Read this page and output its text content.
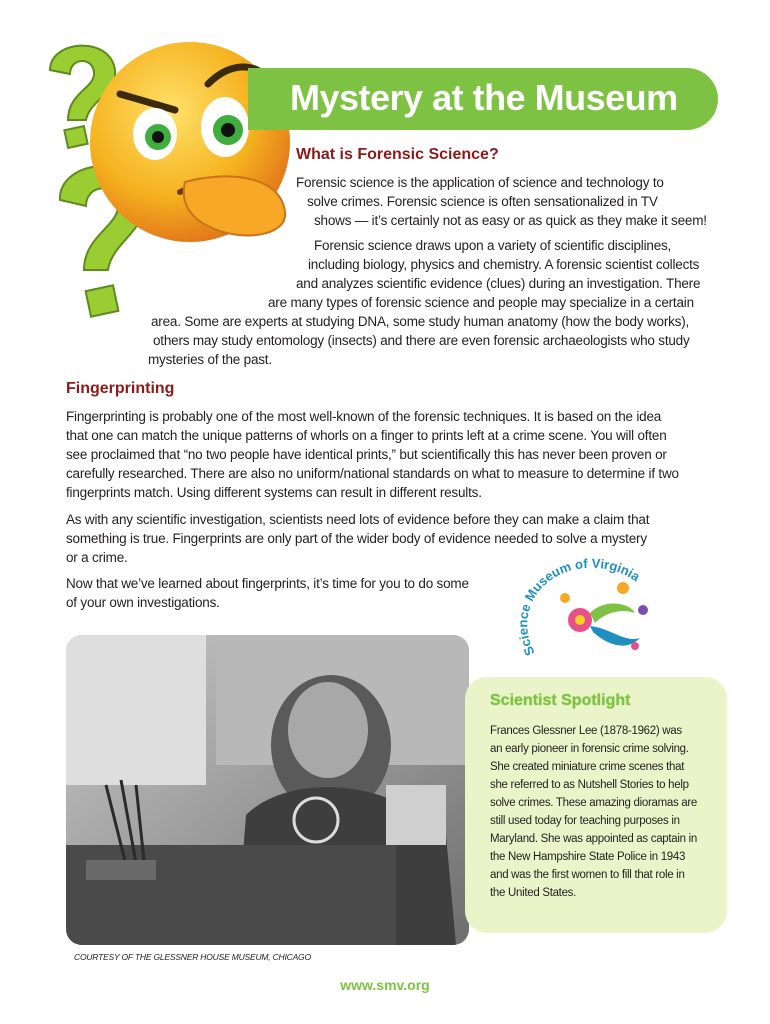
Mystery at the Museum
What is Forensic Science?
Forensic science is the application of science and technology to
solve crimes. Forensic science is often sensationalized in TV
shows — it’s certainly not as easy or as quick as they make it seem!
Forensic science draws upon a variety of scientific disciplines,
including biology, physics and chemistry. A forensic scientist collects
and analyzes scientific evidence (clues) during an investigation. There
are many types of forensic science and people may specialize in a certain
area. Some are experts at studying DNA, some study human anatomy (how the body works),
others may study entomology (insects) and there are even forensic archaeologists who study
mysteries of the past.
Fingerprinting
Fingerprinting is probably one of the most well-known of the forensic techniques. It is based on the idea
that one can match the unique patterns of whorls on a finger to prints left at a crime scene. You will often
see proclaimed that “no two people have identical prints,” but scientifically this has never been proven or
carefully researched. There are also no uniform/national standards on what to measure to determine if two
fingerprints match. Using different systems can result in different results.
As with any scientific investigation, scientists need lots of evidence before they can make a claim that
something is true. Fingerprints are only part of the wider body of evidence needed to solve a mystery
or a crime.
Now that we’ve learned about fingerprints, it’s time for you to do some
of your own investigations.
Science Museum of Virginia
COURTESY OF THE GLESSNER HOUSE MUSEUM, CHICAGO
Scientist Spotlight
Frances Glessner Lee (1878-1962) was
an early pioneer in forensic crime solving.
She created miniature crime scenes that
she referred to as Nutshell Stories to help
solve crimes. These amazing dioramas are
still used today for teaching purposes in
Maryland. She was appointed as captain in
the New Hampshire State Police in 1943
and was the first women to fill that role in
the United States.
www.smv.org
